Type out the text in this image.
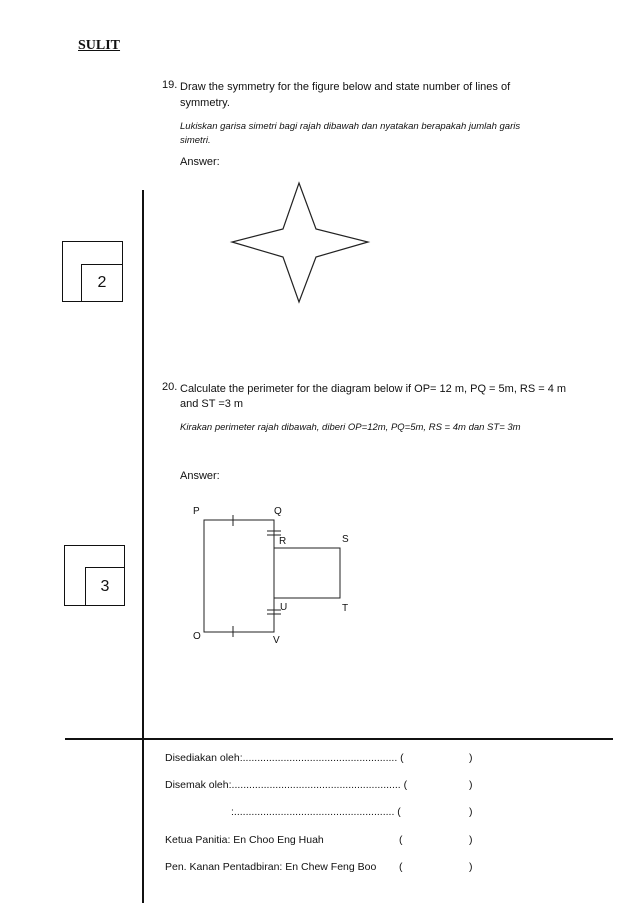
SULIT
19. Draw the symmetry for the figure below and state number of lines of
symmetry.
Lukiskan garisa simetri bagi rajah dibawah dan nyatakan berapakah jumlah garis
simetri.
Answer:
2
20. Calculate the perimeter for the diagram below if OP= 12 m, PQ = 5m, RS = 4 m
and ST =3 m
Kirakan perimeter rajah dibawah, diberi OP=12m, PQ=5m, RS = 4m dan ST= 3m
Answer:
P	Q
R	S
U	T
O	V
3
Disediakan oleh:..................................................... (	)
Disemak oleh:.......................................................... (	)
:....................................................... (	)
Ketua Panitia: En Choo Eng Huah	(	)
Pen. Kanan Pentadbiran: En Chew Feng Boo (	)
